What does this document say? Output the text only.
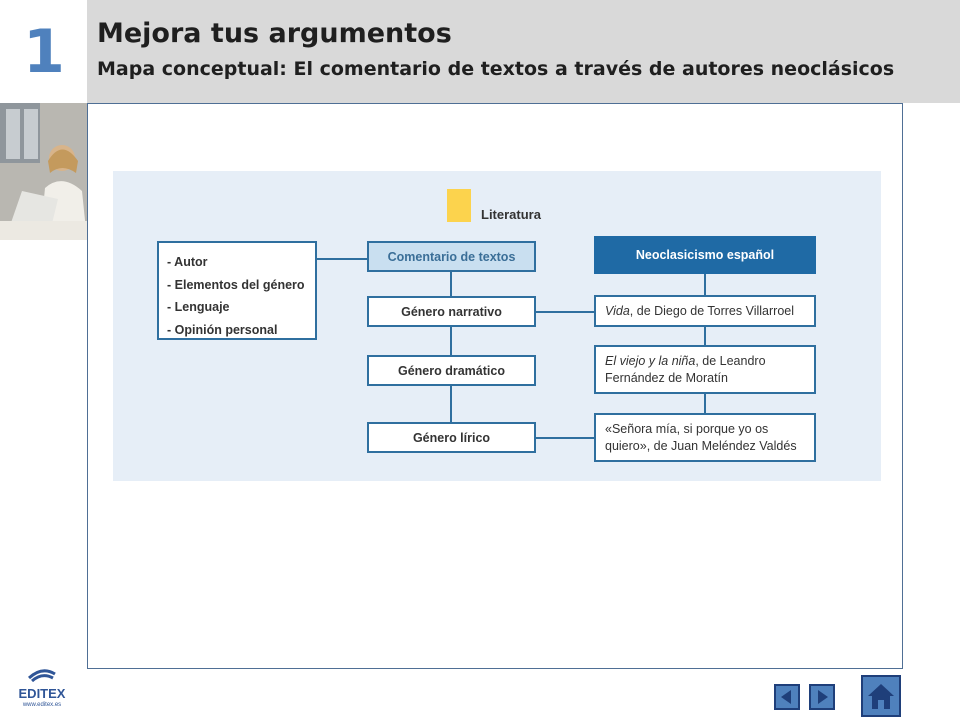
1	Mejora tus argumentos
Mapa conceptual: El comentario de textos a través de autores neoclásicos
Literatura
- Autor
- Elementos del género
- Lenguaje
- Opinión personal
Comentario de textos
Género narrativo
Género dramático
Género lírico
Neoclasicismo español
Vida, de Diego de Torres Villarroel
El viejo y la niña, de Leandro
Fernández de Moratín
«Señora mía, si porque yo os
quiero», de Juan Meléndez Valdés
EDITEX
www.editex.es
